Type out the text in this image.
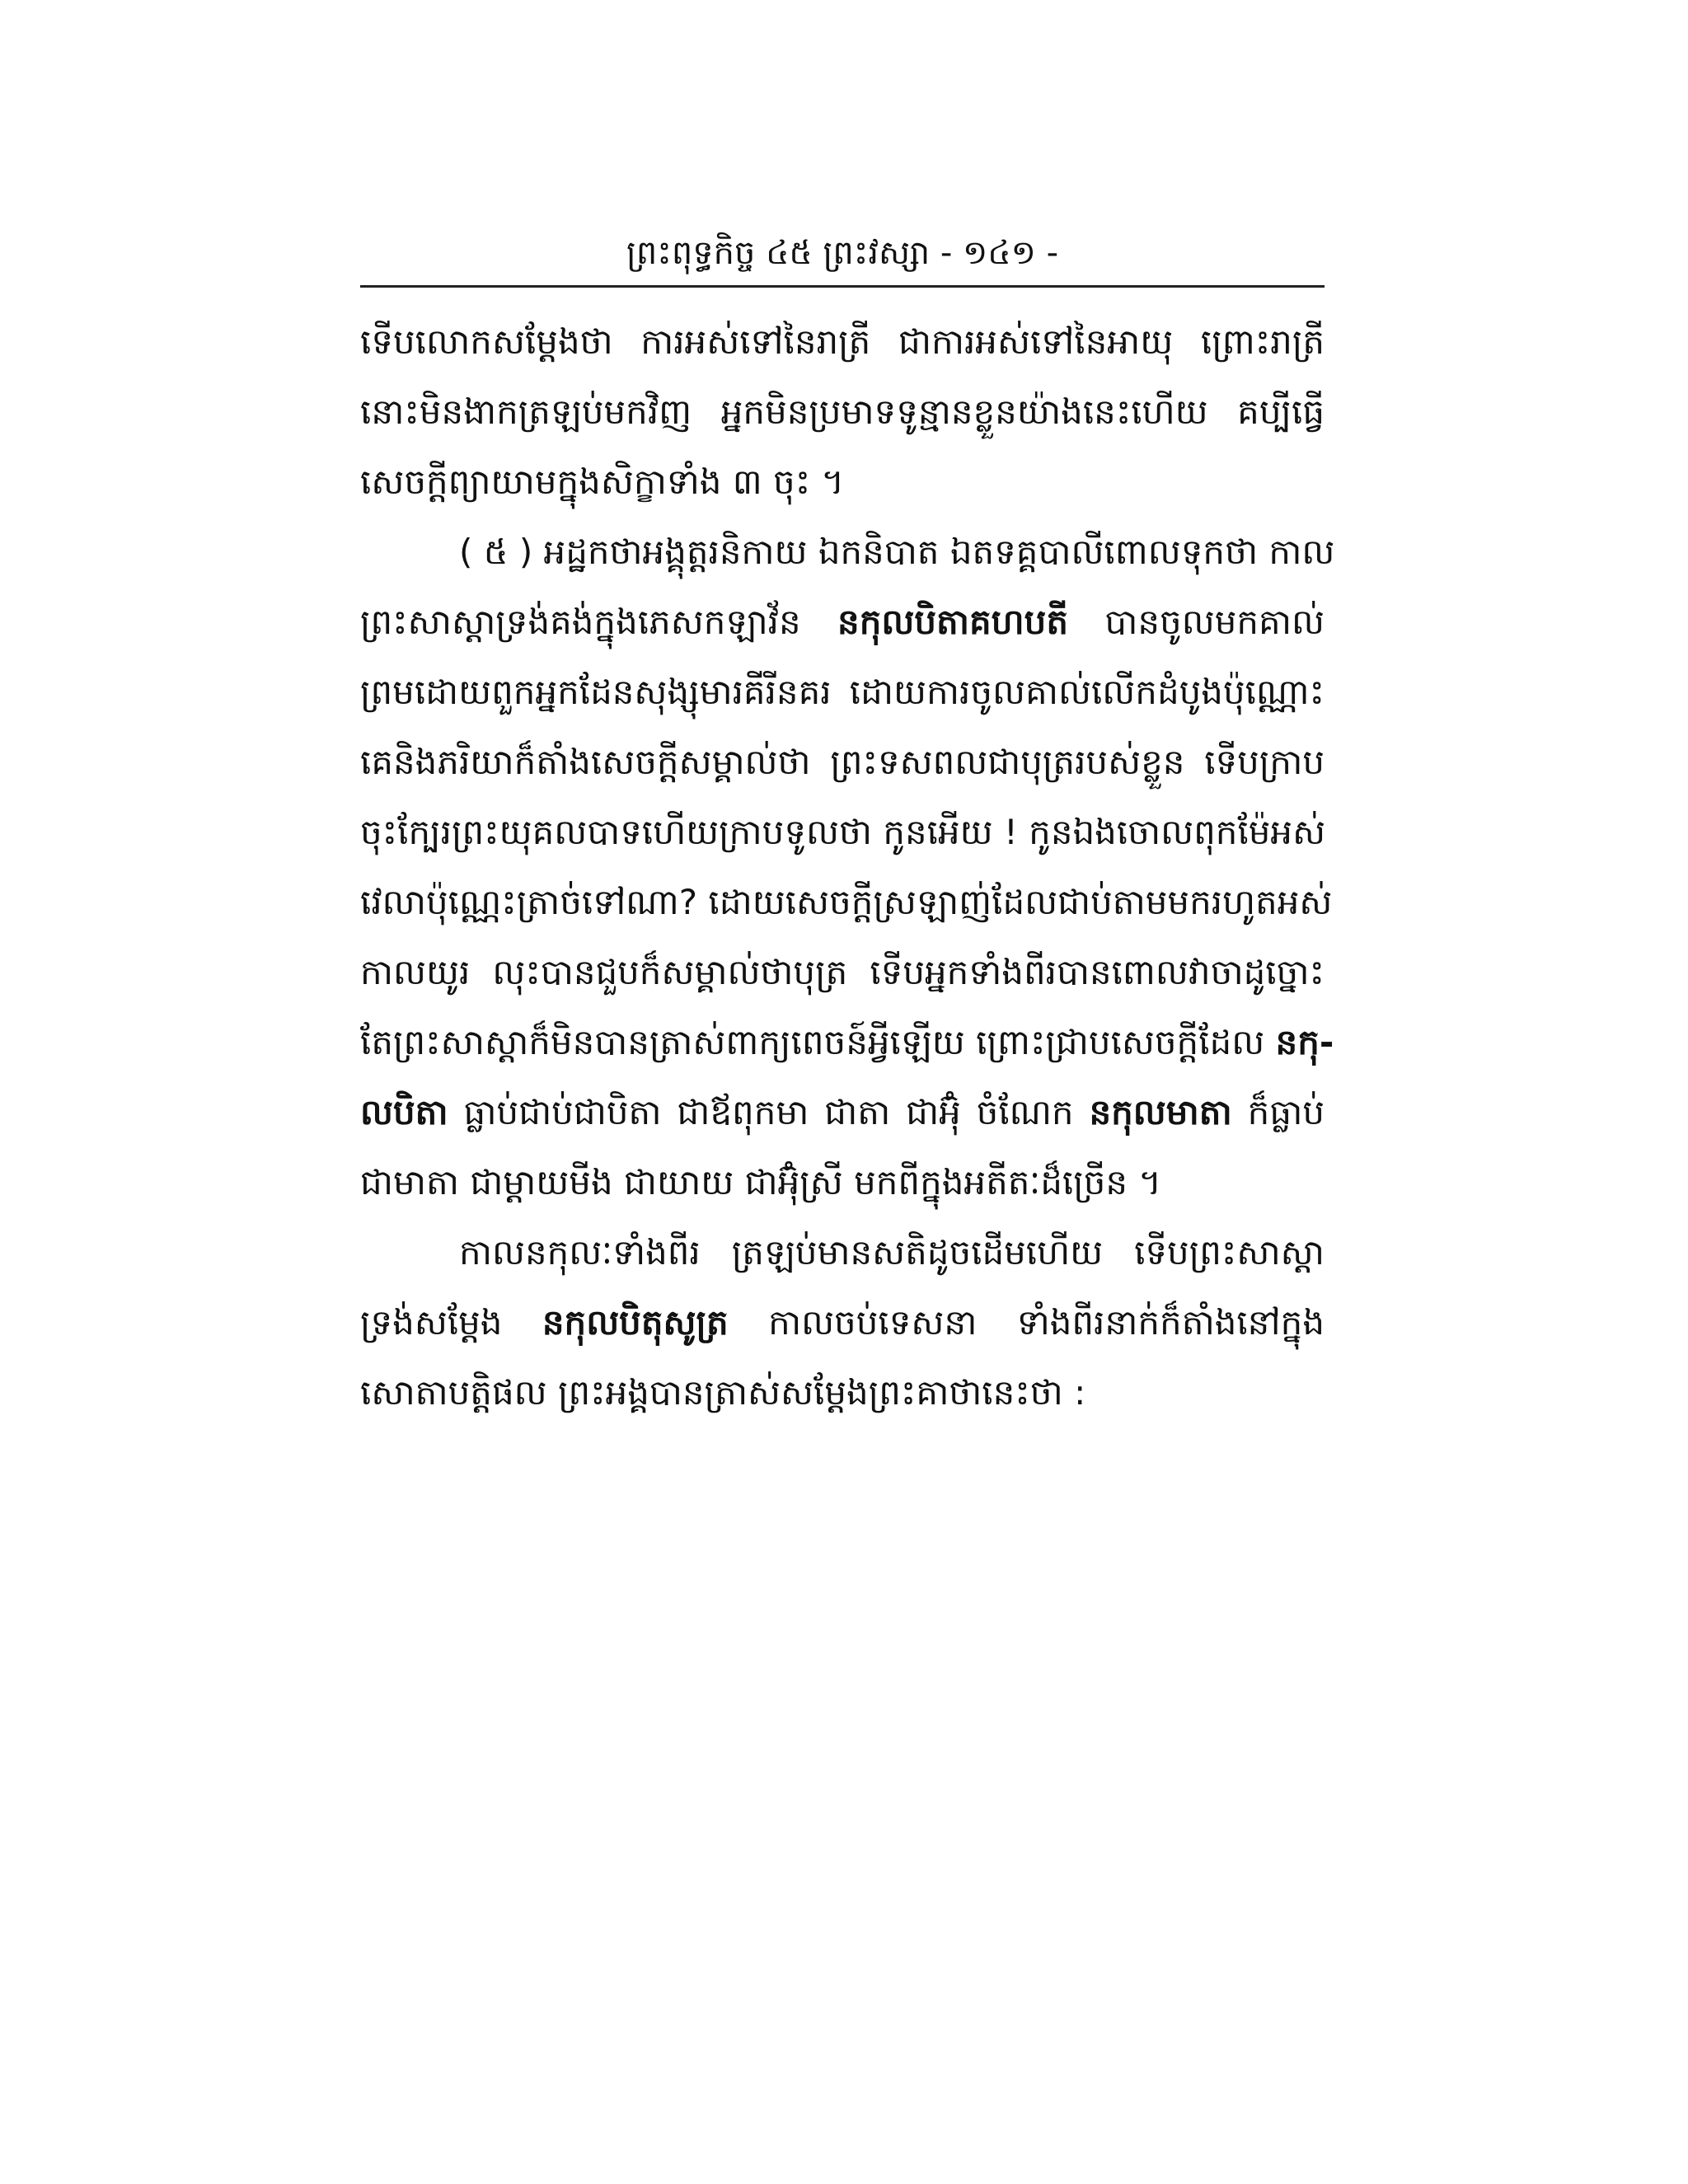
ព្រះពុទ្ធកិច្ច ៤៥ ព្រះវស្សា - ១៤១ -
ទើបលោកសម្ដែងថា ការអស់ទៅនៃរាត្រី ជាការអស់ទៅនៃអាយុ ព្រោះរាត្រី
នោះមិនងាកត្រឡប់មកវិញ អ្នកមិនប្រមាទទូន្មានខ្លួនយ៉ាងនេះហើយ គប្បីធ្វើ
សេចក្ដីព្យាយាមក្នុងសិក្ខាទាំង ៣ ចុះ ។
( ៥ ) អដ្ឋកថាអង្គុត្តរនិកាយ ឯកនិបាត ឯតទគ្គបាលីពោលទុកថា កាល
ព្រះសាស្ដាទ្រង់គង់ក្នុងភេសកឡាវ័ន នកុលបិតាគហបតី បានចូលមកគាល់
ព្រមដោយពួកអ្នកដែនសុង្សុមារគីរីនគរ ដោយការចូលគាល់លើកដំបូងប៉ុណ្ណោះ
គេនិងភរិយាក៏តាំងសេចក្ដីសម្គាល់ថា ព្រះទសពលជាបុត្ររបស់ខ្លួន ទើបក្រាប
ចុះក្បែរព្រះយុគលបាទហើយក្រាបទូលថា កូនអើយ ! កូនឯងចោលពុកម៉ែអស់
វេលាប៉ុណ្ណេះត្រាច់ទៅណា? ដោយសេចក្ដីស្រឡាញ់ដែលជាប់តាមមករហូតអស់
កាលយូរ លុះបានជួបក៏សម្គាល់ថាបុត្រ ទើបអ្នកទាំងពីរបានពោលវាចាដូច្នោះ
តែព្រះសាស្ដាក៏មិនបានត្រាស់ពាក្យពេចន៍អ្វីឡើយ ព្រោះជ្រាបសេចក្ដីដែល នកុ-
លបិតា ធ្លាប់ជាប់ជាបិតា ជាឪពុកមា ជាតា ជាអ៊ុំ ចំណែក នកុលមាតា ក៏ធ្លាប់
ជាមាតា ជាម្ដាយមីង ជាយាយ ជាអ៊ុំស្រី មកពីក្នុងអតីតៈដ៏ច្រើន ។
កាលនកុលៈទាំងពីរ ត្រឡប់មានសតិដូចដើមហើយ ទើបព្រះសាស្ដា
ទ្រង់សម្ដែង នកុលបិតុសូត្រ កាលចប់ទេសនា ទាំងពីរនាក់ក៏តាំងនៅក្នុង
សោតាបត្តិផល ព្រះអង្គបានត្រាស់សម្ដែងព្រះគាថានេះថា :
